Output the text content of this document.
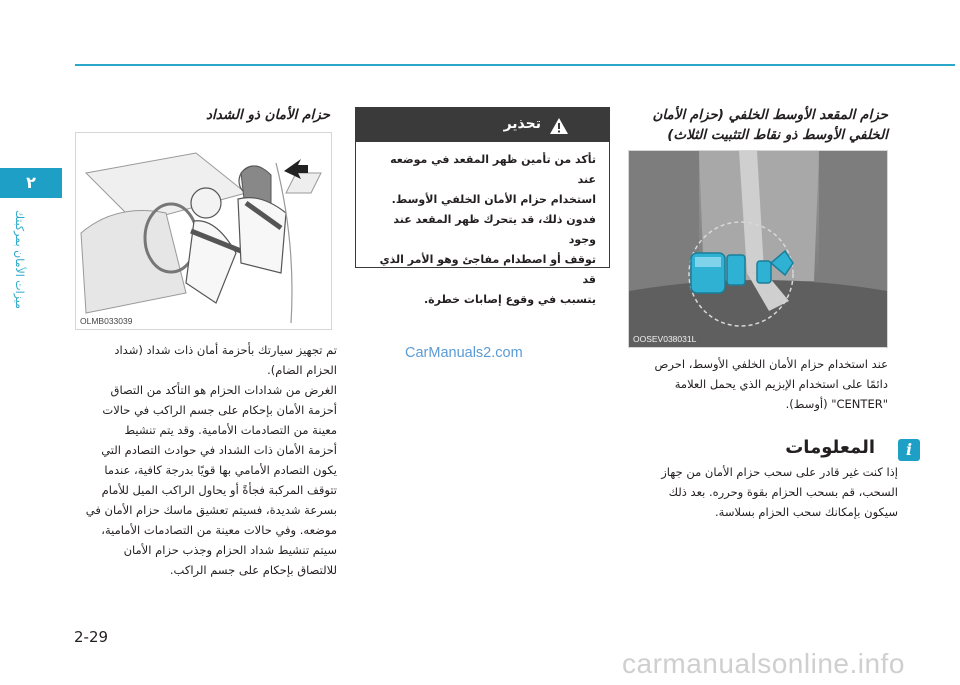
٢
ميزات الأمان بمركبتك
حزام المقعد الأوسط الخلفي (حزام الأمان
الخلفي الأوسط ذو نقاط التثبيت الثلاث)
OOSEV038031L
عند استخدام حزام الأمان الخلفي الأوسط، احرص
دائمًا على استخدام الإبزيم الذي يحمل العلامة
"CENTER" (أوسط).
المعلومات	i
إذا كنت غير قادر على سحب حزام الأمان من جهاز
السحب، قم بسحب الحزام بقوة وحرره. بعد ذلك
سيكون بإمكانك سحب الحزام بسلاسة.
تحذير
تأكد من تأمين ظهر المقعد في موضعه عند
استخدام حزام الأمان الخلفي الأوسط.
فدون ذلك، قد يتحرك ظهر المقعد عند وجود
توقف أو اصطدام مفاجئ وهو الأمر الذي قد
يتسبب في وقوع إصابات خطرة.
CarManuals2.com
حزام الأمان ذو الشداد
OLMB033039
تم تجهيز سيارتك بأحزمة أمان ذات شداد (شداد
الحزام الضام).
الغرض من شدادات الحزام هو التأكد من التصاق
أحزمة الأمان بإحكام على جسم الراكب في حالات
معينة من التصادمات الأمامية. وقد يتم تنشيط
أحزمة الأمان ذات الشداد في حوادث التصادم التي
يكون التصادم الأمامي بها قويًا بدرجة كافية، عندما
تتوقف المركبة فجأةً أو يحاول الراكب الميل للأمام
بسرعة شديدة، فسيتم تعشيق ماسك حزام الأمان في
موضعه. وفي حالات معينة من التصادمات الأمامية،
سيتم تنشيط شداد الحزام وجذب حزام الأمان
للالتصاق بإحكام على جسم الراكب.
2-29
carmanualsonline.info
